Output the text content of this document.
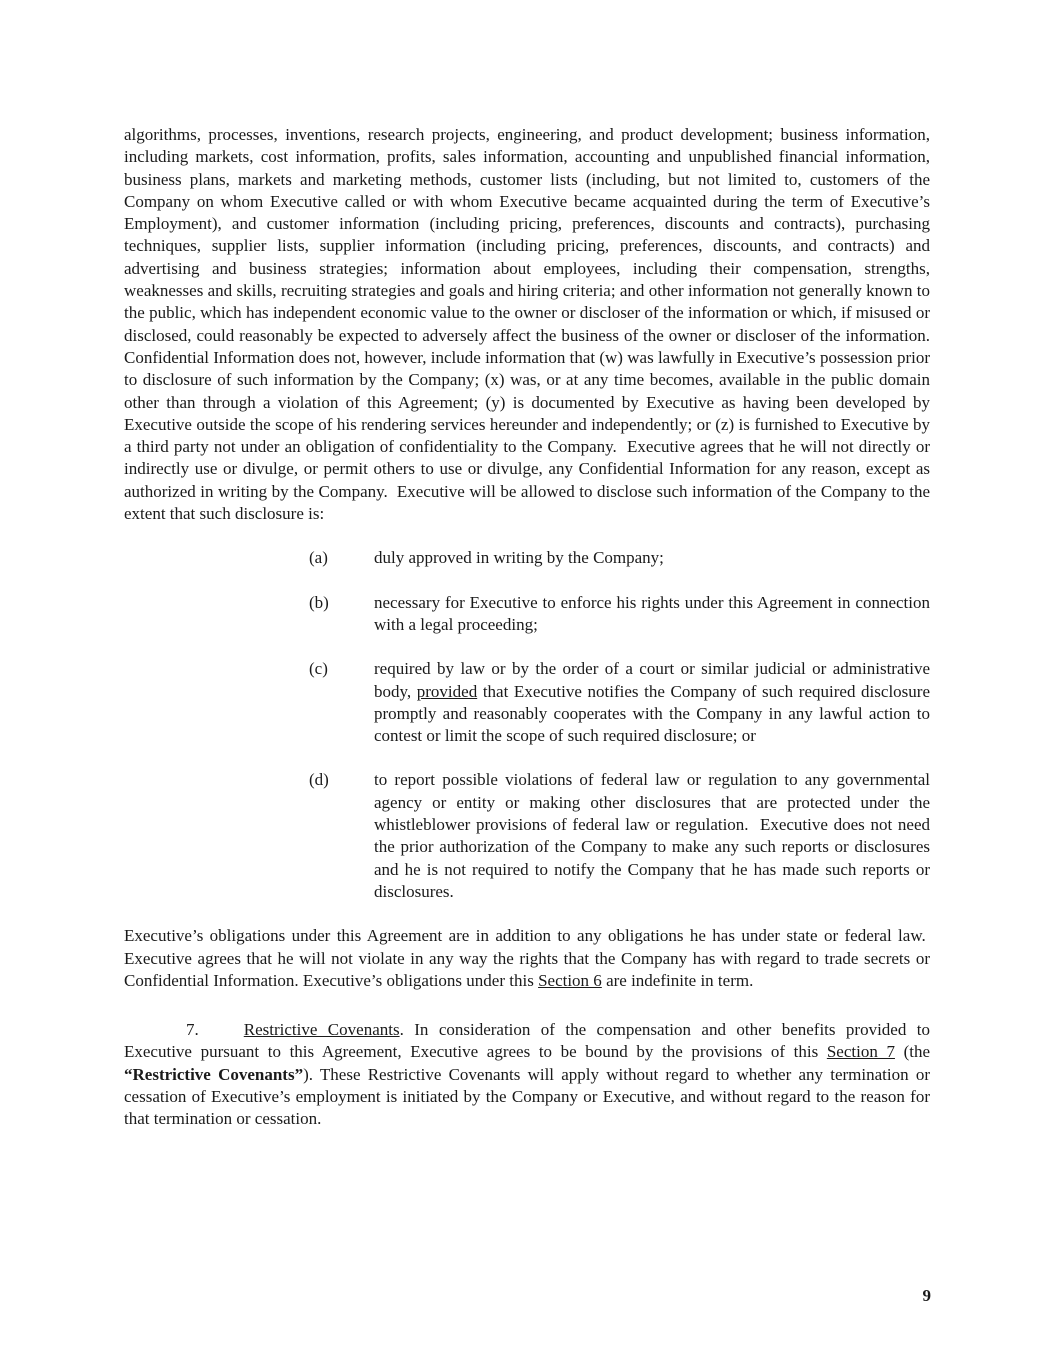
algorithms, processes, inventions, research projects, engineering, and product development; business information, including markets, cost information, profits, sales information, accounting and unpublished financial information, business plans, markets and marketing methods, customer lists (including, but not limited to, customers of the Company on whom Executive called or with whom Executive became acquainted during the term of Executive’s Employment), and customer information (including pricing, preferences, discounts and contracts), purchasing techniques, supplier lists, supplier information (including pricing, preferences, discounts, and contracts) and advertising and business strategies; information about employees, including their compensation, strengths, weaknesses and skills, recruiting strategies and goals and hiring criteria; and other information not generally known to the public, which has independent economic value to the owner or discloser of the information or which, if misused or disclosed, could reasonably be expected to adversely affect the business of the owner or discloser of the information. Confidential Information does not, however, include information that (w) was lawfully in Executive’s possession prior to disclosure of such information by the Company; (x) was, or at any time becomes, available in the public domain other than through a violation of this Agreement; (y) is documented by Executive as having been developed by Executive outside the scope of his rendering services hereunder and independently; or (z) is furnished to Executive by a third party not under an obligation of confidentiality to the Company.  Executive agrees that he will not directly or indirectly use or divulge, or permit others to use or divulge, any Confidential Information for any reason, except as authorized in writing by the Company.  Executive will be allowed to disclose such information of the Company to the extent that such disclosure is:

(a)	duly approved in writing by the Company;
(b)	necessary for Executive to enforce his rights under this Agreement in connection with a legal proceeding;
(c)	required by law or by the order of a court or similar judicial or administrative body, provided that Executive notifies the Company of such required disclosure promptly and reasonably cooperates with the Company in any lawful action to contest or limit the scope of such required disclosure; or
(d)	to report possible violations of federal law or regulation to any governmental agency or entity or making other disclosures that are protected under the whistleblower provisions of federal law or regulation.  Executive does not need the prior authorization of the Company to make any such reports or disclosures and he is not required to notify the Company that he has made such reports or disclosures.

Executive’s obligations under this Agreement are in addition to any obligations he has under state or federal law.  Executive agrees that he will not violate in any way the rights that the Company has with regard to trade secrets or Confidential Information. Executive’s obligations under this Section 6 are indefinite in term.

7.	Restrictive Covenants. In consideration of the compensation and other benefits provided to Executive pursuant to this Agreement, Executive agrees to be bound by the provisions of this Section 7 (the “Restrictive Covenants”). These Restrictive Covenants will apply without regard to whether any termination or cessation of Executive’s employment is initiated by the Company or Executive, and without regard to the reason for that termination or cessation.

9
